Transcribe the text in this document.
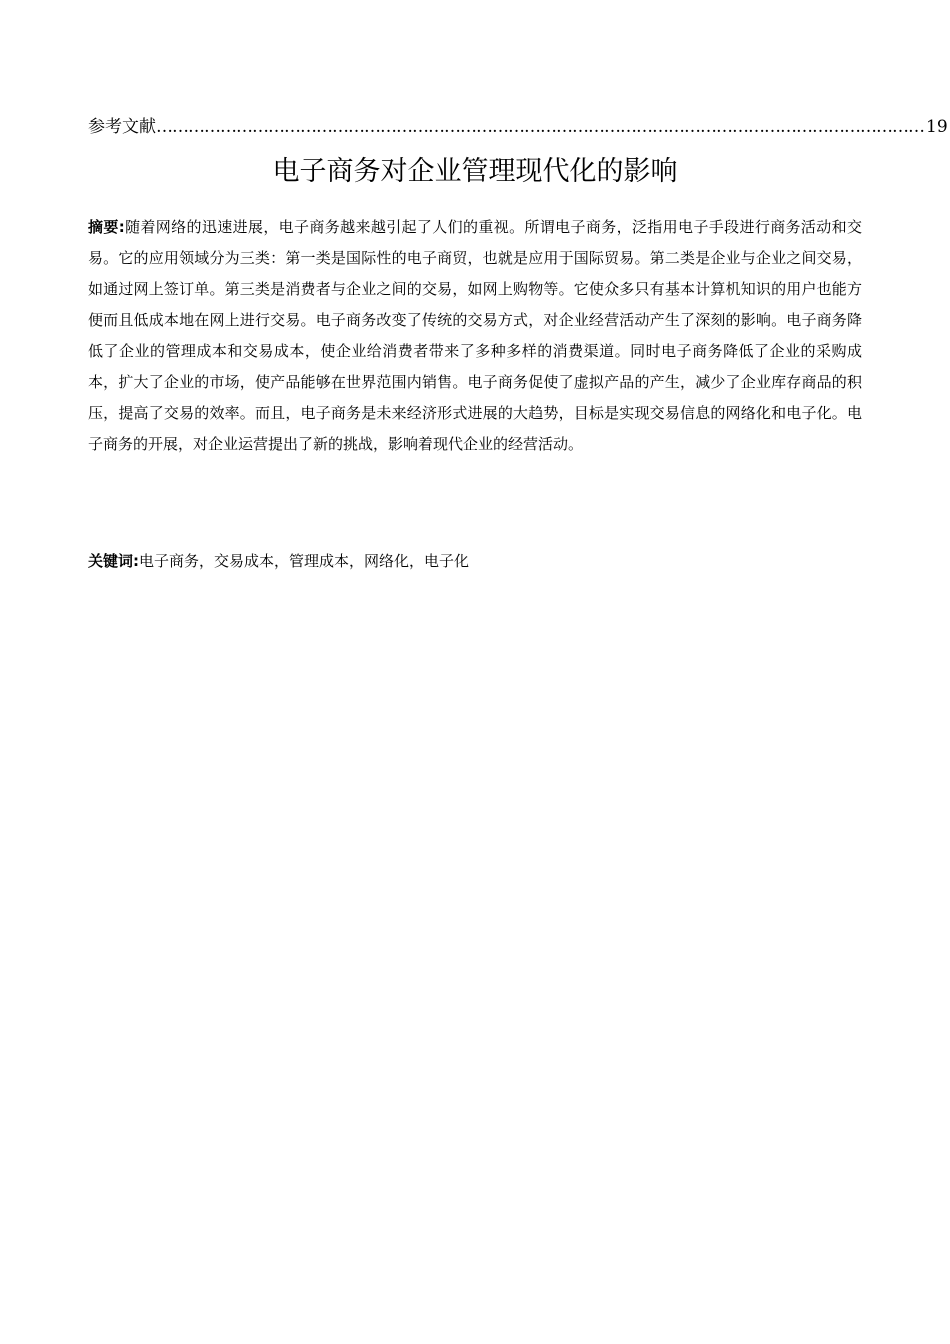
参考文献 ……………………………………………………………………………………………………………………………… 19
电子商务对企业管理现代化的影响

摘要:随着网络的迅速进展，电子商务越来越引起了人们的重视。所谓电子商务，泛指用电子手段进行商务活动和交易。它的应用领域分为三类：第一类是国际性的电子商贸，也就是应用于国际贸易。第二类是企业与企业之间交易，如通过网上签订单。第三类是消费者与企业之间的交易，如网上购物等。它使众多只有基本计算机知识的用户也能方便而且低成本地在网上进行交易。电子商务改变了传统的交易方式，对企业经营活动产生了深刻的影响。电子商务降低了企业的管理成本和交易成本，使企业给消费者带来了多种多样的消费渠道。同时电子商务降低了企业的采购成本，扩大了企业的市场，使产品能够在世界范围内销售。电子商务促使了虚拟产品的产生，减少了企业库存商品的积压，提高了交易的效率。而且，电子商务是未来经济形式进展的大趋势，目标是实现交易信息的网络化和电子化。电子商务的开展，对企业运营提出了新的挑战，影响着现代企业的经营活动。

关键词:电子商务，交易成本，管理成本，网络化，电子化
